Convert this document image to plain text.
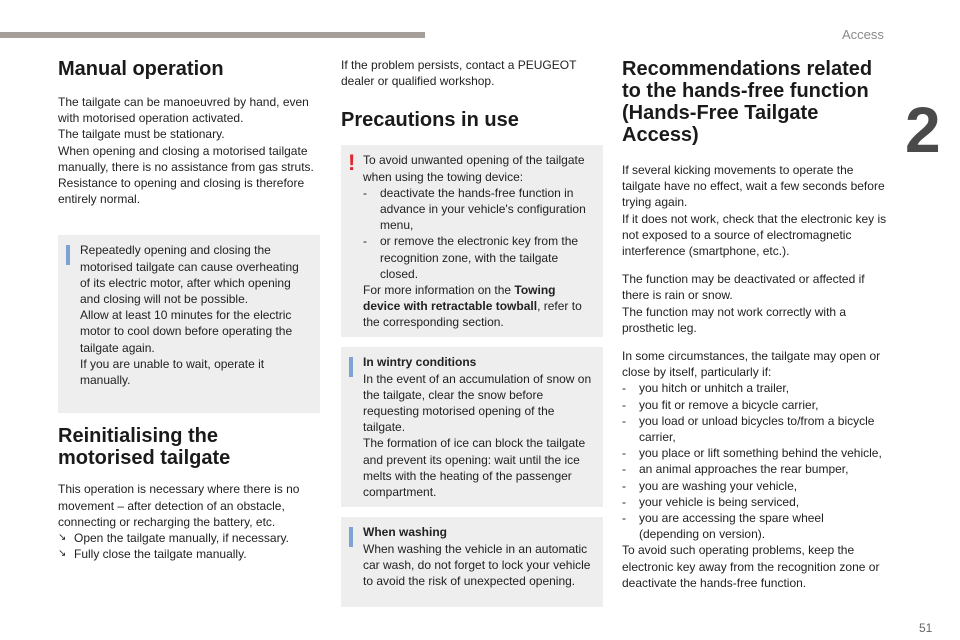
Access
2
Manual operation

The tailgate can be manoeuvred by hand, even with motorised operation activated.

The tailgate must be stationary.

When opening and closing a motorised tailgate manually, there is no assistance from gas struts. Resistance to opening and closing is therefore entirely normal.

Repeatedly opening and closing the motorised tailgate can cause overheating of its electric motor, after which opening and closing will not be possible.

Allow at least 10 minutes for the electric motor to cool down before operating the tailgate again.

If you are unable to wait, operate it manually.

Reinitialising the motorised tailgate

This operation is necessary where there is no movement – after detection of an obstacle, connecting or recharging the battery, etc.

↘ Open the tailgate manually, if necessary.
↘ Fully close the tailgate manually.

If the problem persists, contact a PEUGEOT dealer or qualified workshop.

Precautions in use
! To avoid unwanted opening of the tailgate when using the towing device:

-	deactivate the hands-free function in advance in your vehicle's configuration menu,
-	or remove the electronic key from the recognition zone, with the tailgate closed.

For more information on the Towing device with retractable towball, refer to the corresponding section.

In wintry conditions

In the event of an accumulation of snow on the tailgate, clear the snow before requesting motorised opening of the tailgate.

The formation of ice can block the tailgate and prevent its opening: wait until the ice melts with the heating of the passenger compartment.

When washing

When washing the vehicle in an automatic car wash, do not forget to lock your vehicle to avoid the risk of unexpected opening.

Recommendations related to the hands-free function (Hands-Free Tailgate Access)

If several kicking movements to operate the tailgate have no effect, wait a few seconds before trying again.

If it does not work, check that the electronic key is not exposed to a source of electromagnetic interference (smartphone, etc.).

The function may be deactivated or affected if there is rain or snow.

The function may not work correctly with a prosthetic leg.

In some circumstances, the tailgate may open or close by itself, particularly if:

-	you hitch or unhitch a trailer,
-	you fit or remove a bicycle carrier,
-	you load or unload bicycles to/from a bicycle carrier,
-	you place or lift something behind the vehicle,
-	an animal approaches the rear bumper,
-	you are washing your vehicle,
-	your vehicle is being serviced,
-	you are accessing the spare wheel (depending on version).

To avoid such operating problems, keep the electronic key away from the recognition zone or deactivate the hands-free function.

51
